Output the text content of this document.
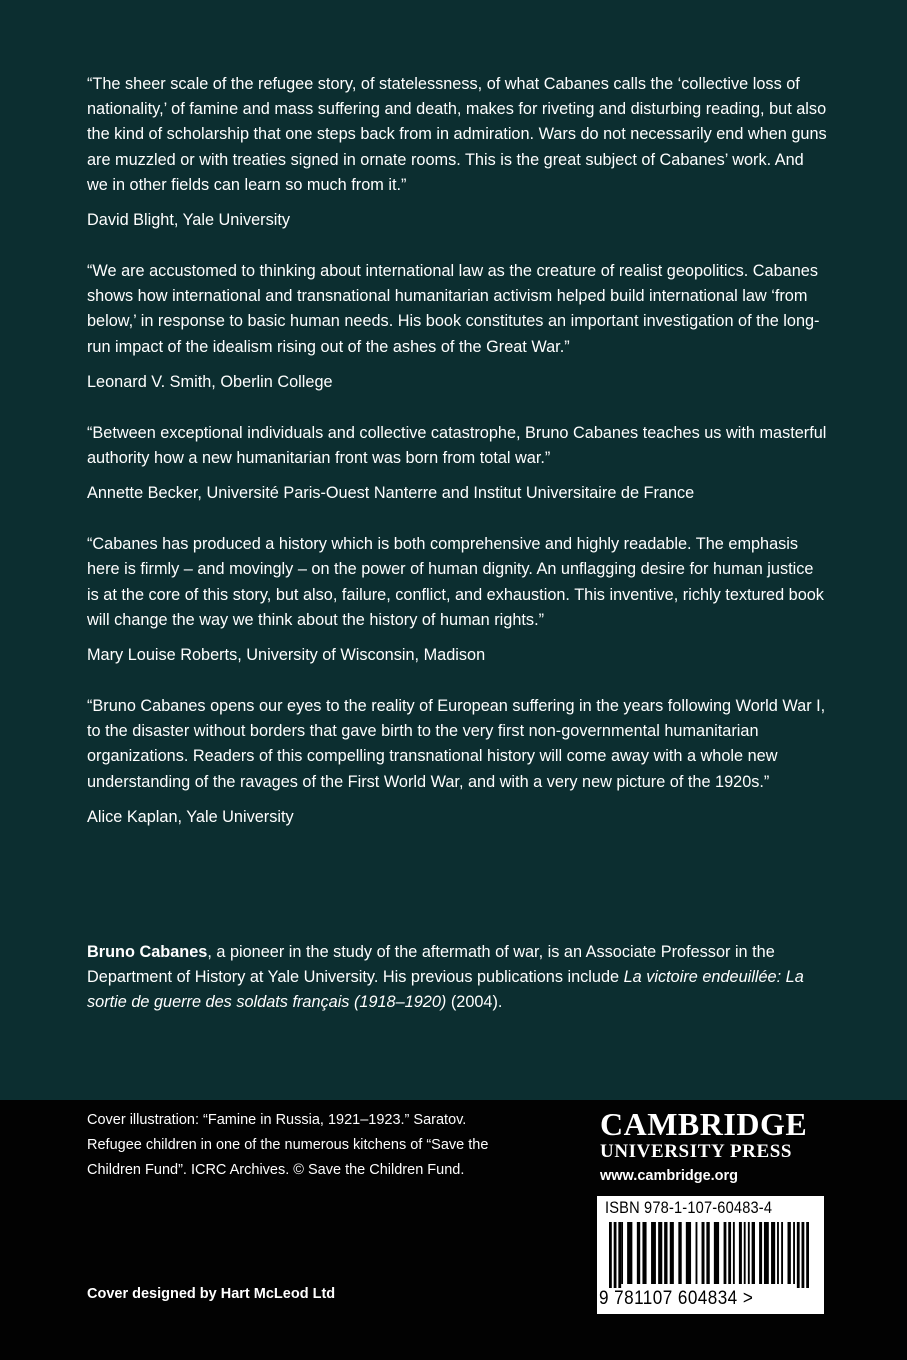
“The sheer scale of the refugee story, of statelessness, of what Cabanes calls the ‘collective loss of nationality,’ of famine and mass suffering and death, makes for riveting and disturbing reading, but also the kind of scholarship that one steps back from in admiration. Wars do not necessarily end when guns are muzzled or with treaties signed in ornate rooms. This is the great subject of Cabanes’ work. And we in other fields can learn so much from it.”

David Blight, Yale University

“We are accustomed to thinking about international law as the creature of realist geopolitics. Cabanes shows how international and transnational humanitarian activism helped build international law ‘from below,’ in response to basic human needs. His book constitutes an important investigation of the long-run impact of the idealism rising out of the ashes of the Great War.”

Leonard V. Smith, Oberlin College

“Between exceptional individuals and collective catastrophe, Bruno Cabanes teaches us with masterful authority how a new humanitarian front was born from total war.”

Annette Becker, Université Paris-Ouest Nanterre and Institut Universitaire de France

“Cabanes has produced a history which is both comprehensive and highly readable. The emphasis here is firmly – and movingly – on the power of human dignity. An unflagging desire for human justice is at the core of this story, but also, failure, conflict, and exhaustion. This inventive, richly textured book will change the way we think about the history of human rights.”

Mary Louise Roberts, University of Wisconsin, Madison

“Bruno Cabanes opens our eyes to the reality of European suffering in the years following World War I, to the disaster without borders that gave birth to the very first non-governmental humanitarian organizations. Readers of this compelling transnational history will come away with a whole new understanding of the ravages of the First World War, and with a very new picture of the 1920s.”

Alice Kaplan, Yale University

Bruno Cabanes, a pioneer in the study of the aftermath of war, is an Associate Professor in the Department of History at Yale University. His previous publications include La victoire endeuillée: La sortie de guerre des soldats français (1918–1920) (2004).

Cover illustration: “Famine in Russia, 1921–1923.” Saratov. Refugee children in one of the numerous kitchens of “Save the Children Fund”. ICRC Archives. © Save the Children Fund.

Cover designed by Hart McLeod Ltd

CAMBRIDGE

UNIVERSITY PRESS

www.cambridge.org

ISBN 978-1-107-60483-4

9 781107 604834 >
